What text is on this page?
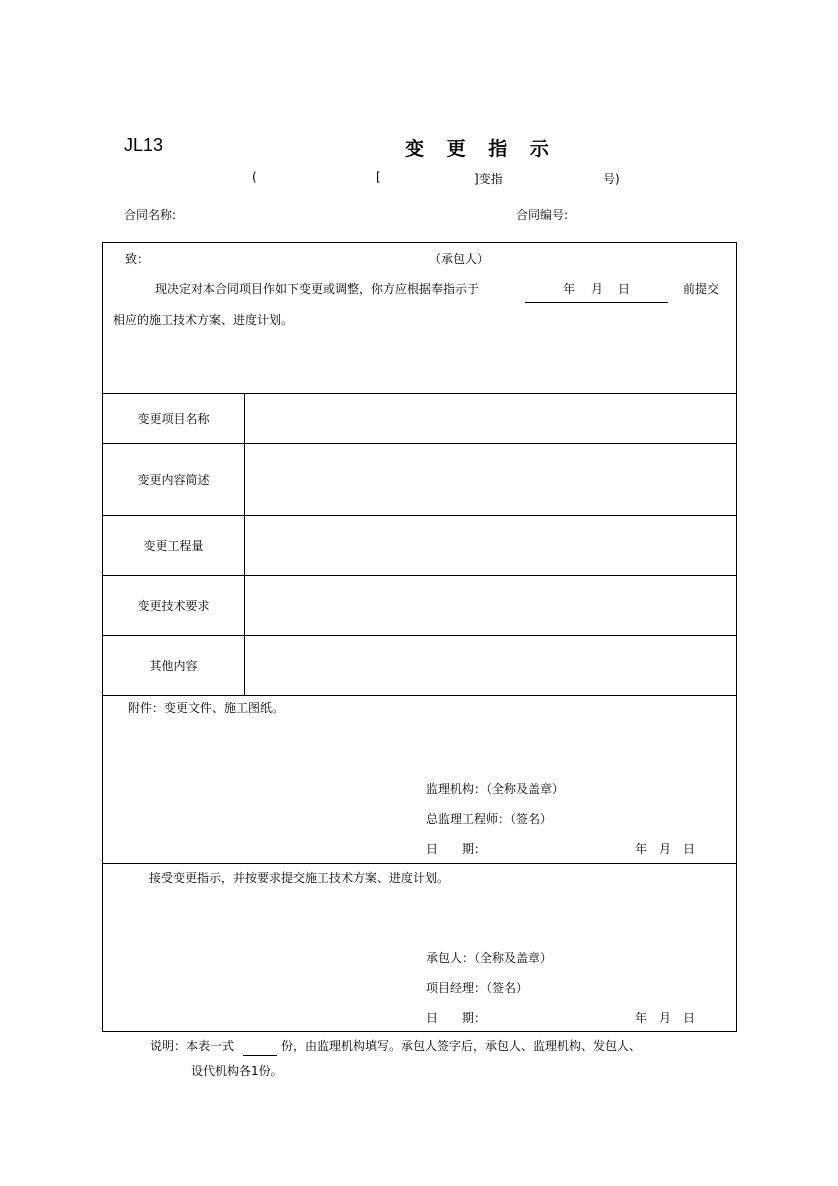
JL13	变 更 指 示
(	[	]变指	号)
合同名称:	合同编号:
致：	（承包人）
现决定对本合同项目作如下变更或调整，你方应根据奉指示于	年 月 日	前提交
相应的施工技术方案、进度计划。
变更项目名称
变更内容简述
变更工程量
变更技术要求
其他内容
附件：变更文件、施工图纸。
监理机构：（全称及盖章）
总监理工程师：（签名）
日　　期：	年　月　日
接受变更指示，并按要求提交施工技术方案、进度计划。
承包人：（全称及盖章）
项目经理：（签名）
日　　期：	年　月　日
说明：本表一式	份，由监理机构填写。承包人签字后，承包人、监理机构、发包人、
设代机构各1份。
